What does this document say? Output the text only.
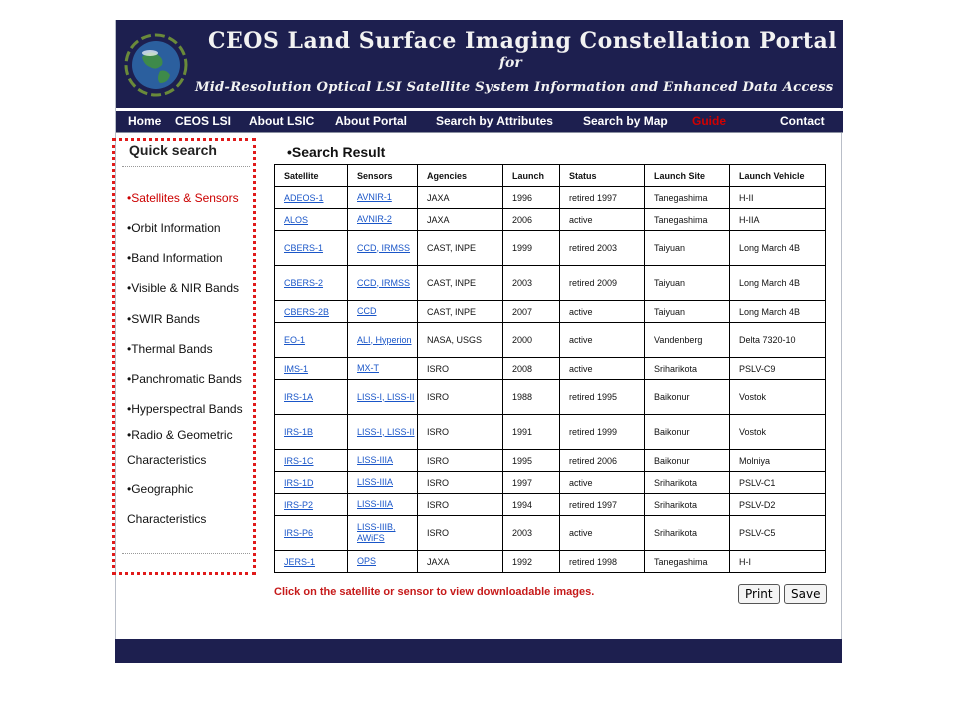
CEOS Land Surface Imaging Constellation Portal
for
Mid-Resolution Optical LSI Satellite System Information and Enhanced Data Access
Home CEOS LSI About LSIC About Portal Search by Attributes	Search by Map Guide	Contact
Quick search
•Satellites & Sensors
•Orbit Information
•Band Information
•Visible & NIR Bands
•SWIR Bands
•Thermal Bands
•Panchromatic Bands
•Hyperspectral Bands
•Radio & Geometric
Characteristics
•Geographic
Characteristics
•Search Result
Satellite	Sensors	Agencies	Launch	Status	Launch Site	Launch Vehicle
ADEOS-1	AVNIR-1	JAXA	1996	retired 1997	Tanegashima	H-II
ALOS	AVNIR-2	JAXA	2006	active	Tanegashima	H-IIA
CBERS-1	CCD, IRMSS	CAST, INPE	1999	retired 2003	Taiyuan	Long March 4B
CBERS-2	CCD, IRMSS	CAST, INPE	2003	retired 2009	Taiyuan	Long March 4B
CBERS-2B	CCD	CAST, INPE	2007	active	Taiyuan	Long March 4B
EO-1	ALI, Hyperion	NASA, USGS	2000	active	Vandenberg	Delta 7320-10
IMS-1	MX-T	ISRO	2008	active	Sriharikota	PSLV-C9
IRS-1A	LISS-I, LISS-II	ISRO	1988	retired 1995	Baikonur	Vostok
IRS-1B	LISS-I, LISS-II	ISRO	1991	retired 1999	Baikonur	Vostok
IRS-1C	LISS-IIIA	ISRO	1995	retired 2006	Baikonur	Molniya
IRS-1D	LISS-IIIA	ISRO	1997	active	Sriharikota	PSLV-C1
IRS-P2	LISS-IIIA	ISRO	1994	retired 1997	Sriharikota	PSLV-D2
IRS-P6	LISS-IIIB, AWiFS	ISRO	2003	active	Sriharikota	PSLV-C5
JERS-1	OPS	JAXA	1992	retired 1998	Tanegashima	H-I
Click on the satellite or sensor to view downloadable images.	Print	Save
